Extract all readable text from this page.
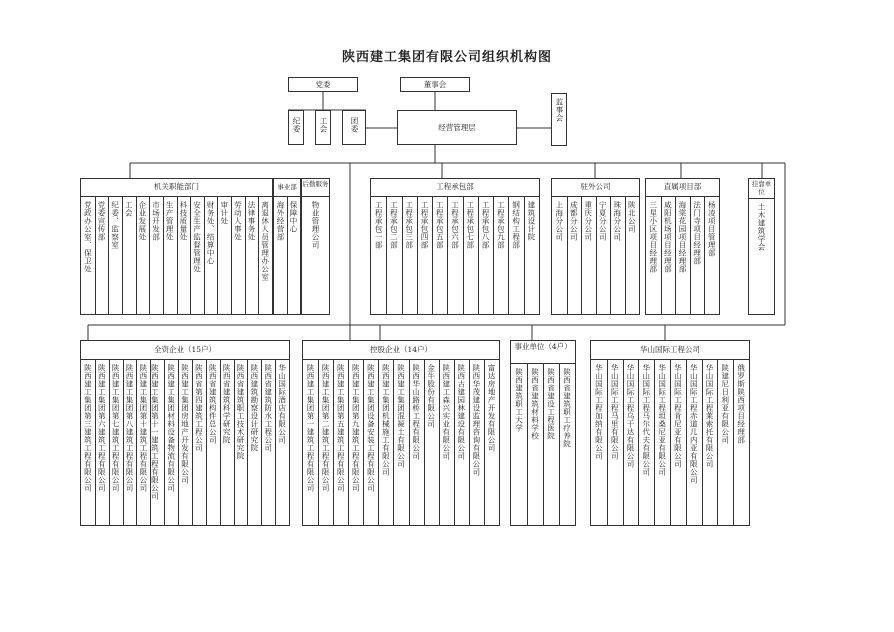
陕西建工集团有限公司组织机构图
党委	董事会
监事会
纪委 工会	团委	经营管理层
机关职能部门
党政办公室、保卫处 党委宣传部 纪委、监察室 工会 企业发展处 市场开发部 生产管理处 科技质量处 安全生产监督管理处 财务处、结算中心 审计处 劳动人事处 法律事务处 离退休人员管理办公室
事业部
海外经营部 保障中心
后勤服务
物业管理公司
工程承包部
工程承包一部 工程承包二部 工程承包三部 工程承包四部 工程承包五部 工程承包六部 工程承包七部 工程承包八部 工程承包九部 钢结构工程部 建筑设计院
驻外公司
上海分公司 成都分公司 重庆分公司 宁夏分公司 珠海分公司 陕北公司
直属项目部
三星小区项目经理部 咸阳机场项目经理部 海棠花园项目经理部 法门寺项目经理部 杨凌项目管理部
挂靠单位
土木建筑学会
全资企业（15户）
陕西建工集团第三建筑工程有限公司 陕西建工集团第六建筑工程有限公司 陕西建工集团第七建筑工程有限公司 陕西建工集团第八建筑工程有限公司 陕西建工集团第十建筑工程有限公司 陕西建工集团第十一建筑工程有限公司 陕西建工集团材料设备物流有限公司 陕西建工集团房地产开发有限公司 陕西省第四建筑工程公司 陕西省建筑构件总公司 陕西省建筑科学研究院 陕西省建筑职工技术研究院 陕西建筑勘察设计研究院 陕西省建筑防水工程公司 华山国际酒店有限公司
控股企业（14户）
陕西建工集团第一建筑工程有限公司 陕西建工集团第二建筑工程有限公司 陕西建工集团第五建筑工程有限公司 陕西建工集团第九建筑工程有限公司 陕西建工集团设备安装工程有限公司 陕西建工集团机械施工有限公司 陕西建工集团混凝土有限公司 陕西华山路桥工程有限公司 金牛股份有限公司 陕西建工森兴实业有限公司 陕西古建园林建设有限公司 陕西华茂建设监理咨询有限公司 富达房地产开发有限公司
事业单位（4户）
陕西建筑职工大学 陕西省建筑材料学校 陕西省建设工程医院 陕西省建筑职工疗养院
华山国际工程公司
华山国际工程加纳有限公司 华山国际工程马里有限公司 华山国际工程乌干达有限公司 华山国际工程马尔代夫有限公司 华山国际工程坦桑尼亚有限公司 华山国际工程肯尼亚有限公司 华山国际工程赤道几内亚有限公司 华山国际工程莱索托有限公司 陕建尼日利亚有限公司 俄罗斯陕西项目经理部
